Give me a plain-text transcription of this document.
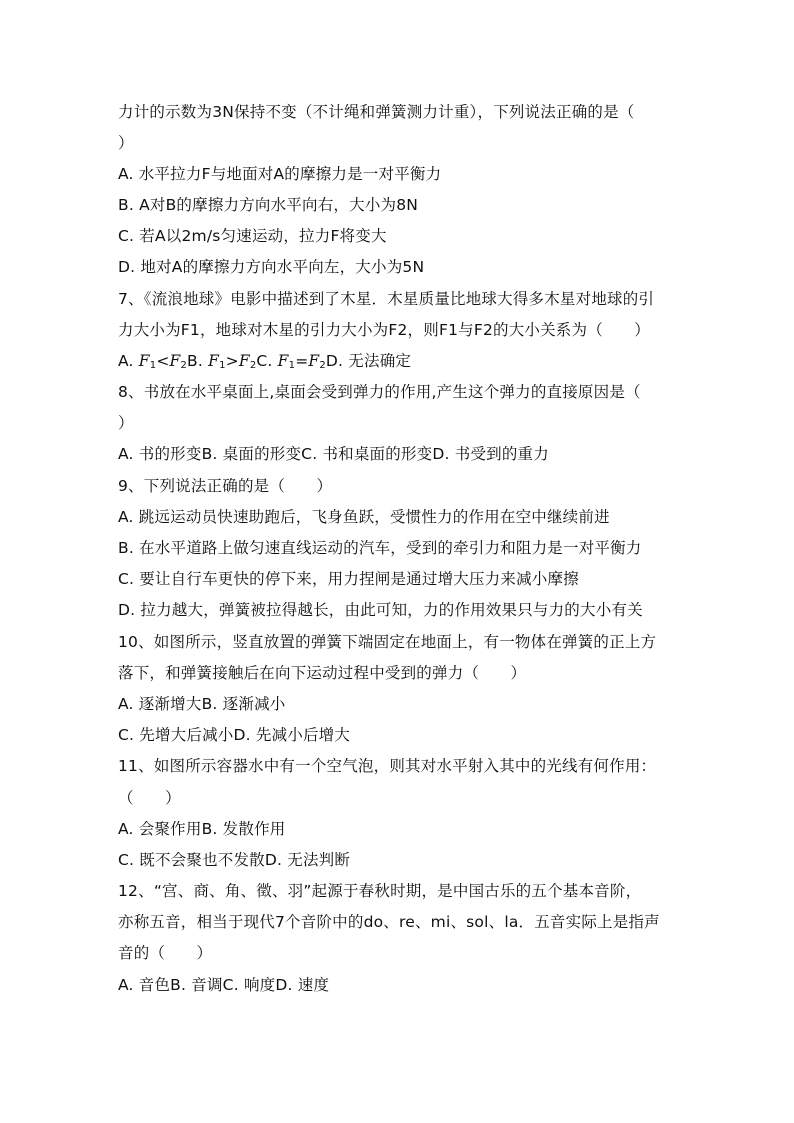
力计的示数为3N保持不变（不计绳和弹簧测力计重），下列说法正确的是（
）
A. 水平拉力F与地面对A的摩擦力是一对平衡力
B. A对B的摩擦力方向水平向右，大小为8N
C. 若A以2m/s匀速运动，拉力F将变大
D. 地对A的摩擦力方向水平向左，大小为5N
7、《流浪地球》电影中描述到了木星．木星质量比地球大得多木星对地球的引
力大小为F1，地球对木星的引力大小为F2，则F1与F2的大小关系为（　　）
A. $F_1<F_2B$. $F_1>F_2C$. $F_1=F_2D$. 无法确定
8、书放在水平桌面上,桌面会受到弹力的作用,产生这个弹力的直接原因是（
）
A. 书的形变B. 桌面的形变C. 书和桌面的形变D. 书受到的重力
9、下列说法正确的是（　　）
A. 跳远运动员快速助跑后，飞身鱼跃，受惯性力的作用在空中继续前进
B. 在水平道路上做匀速直线运动的汽车，受到的牵引力和阻力是一对平衡力
C. 要让自行车更快的停下来，用力捏闸是通过增大压力来减小摩擦
D. 拉力越大，弹簧被拉得越长，由此可知，力的作用效果只与力的大小有关
10、如图所示，竖直放置的弹簧下端固定在地面上，有一物体在弹簧的正上方
落下，和弹簧接触后在向下运动过程中受到的弹力（　　）
A. 逐渐增大B. 逐渐减小
C. 先增大后减小D. 先减小后增大
11、如图所示容器水中有一个空气泡，则其对水平射入其中的光线有何作用：
（　　）
A. 会聚作用B. 发散作用
C. 既不会聚也不发散D. 无法判断
12、“宫、商、角、徵、羽”起源于春秋时期，是中国古乐的五个基本音阶，
亦称五音，相当于现代7个音阶中的do、re、mi、sol、la．五音实际上是指声
音的（　　）
A. 音色B. 音调C. 响度D. 速度
